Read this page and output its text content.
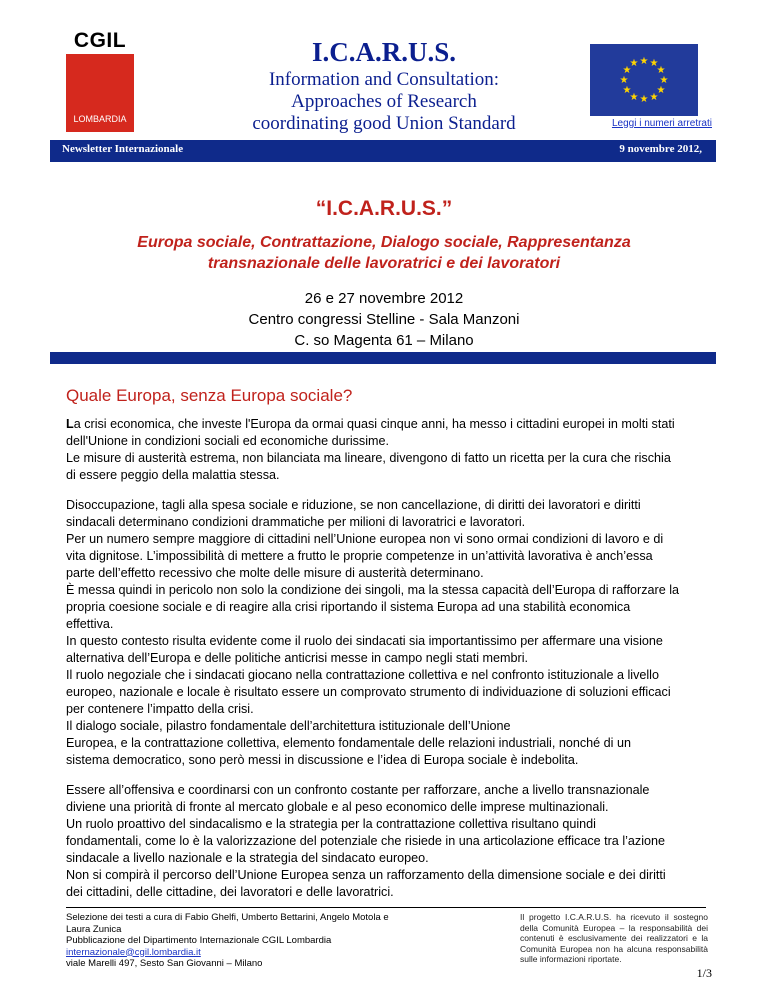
CGIL
LOMBARDIA
I.C.A.R.U.S.
Information and Consultation:
Approaches of Research
coordinating good Union Standard
★ ★
★
★
★
★
★
★
★
★
★
★
Leggi i numeri arretrati
Newsletter Internazionale	9 novembre 2012,
“I.C.A.R.U.S.”
Europa sociale, Contrattazione, Dialogo sociale, Rappresentanza
transnazionale delle lavoratrici e dei lavoratori
26 e 27 novembre 2012
Centro congressi Stelline - Sala Manzoni
C. so Magenta 61 – Milano
Quale Europa, senza Europa sociale?
La crisi economica, che investe l'Europa da ormai quasi cinque anni, ha messo i cittadini europei in molti stati
dell'Unione in condizioni sociali ed economiche durissime.
Le misure di austerità estrema, non bilanciata ma lineare, divengono di fatto un ricetta per la cura che rischia
di essere peggio della malattia stessa.
Disoccupazione, tagli alla spesa sociale e riduzione, se non cancellazione, di diritti dei lavoratori e diritti
sindacali determinano condizioni drammatiche per milioni di lavoratrici e lavoratori.
Per un numero sempre maggiore di cittadini nell’Unione europea non vi sono ormai condizioni di lavoro e di
vita dignitose. L’impossibilità di mettere a frutto le proprie competenze in un’attività lavorativa è anch’essa
parte dell’effetto recessivo che molte delle misure di austerità determinano.
È messa quindi in pericolo non solo la condizione dei singoli, ma la stessa capacità dell’Europa di rafforzare la
propria coesione sociale e di reagire alla crisi riportando il sistema Europa ad una stabilità economica
effettiva.
In questo contesto risulta evidente come il ruolo dei sindacati sia importantissimo per affermare una visione
alternativa dell’Europa e delle politiche anticrisi messe in campo negli stati membri.
Il ruolo negoziale che i sindacati giocano nella contrattazione collettiva e nel confronto istituzionale a livello
europeo, nazionale e locale è risultato essere un comprovato strumento di individuazione di soluzioni efficaci
per contenere l’impatto della crisi.
Il dialogo sociale, pilastro fondamentale dell’architettura istituzionale dell’Unione
Europea, e la contrattazione collettiva, elemento fondamentale delle relazioni industriali, nonché di un
sistema democratico, sono però messi in discussione e l’idea di Europa sociale è indebolita.
Essere all’offensiva e coordinarsi con un confronto costante per rafforzare, anche a livello transnazionale
diviene una priorità di fronte al mercato globale e al peso economico delle imprese multinazionali.
Un ruolo proattivo del sindacalismo e la strategia per la contrattazione collettiva risultano quindi
fondamentali, come lo è la valorizzazione del potenziale che risiede in una articolazione efficace tra l’azione
sindacale a livello nazionale e la strategia del sindacato europeo.
Non si compirà il percorso dell’Unione Europea senza un rafforzamento della dimensione sociale e dei diritti
dei cittadini, delle cittadine, dei lavoratori e delle lavoratrici.
Selezione dei testi a cura di Fabio Ghelfi, Umberto Bettarini, Angelo Motola e
Laura Zunica
Pubblicazione del Dipartimento Internazionale CGIL Lombardia
internazionale@cgil.lombardia.it
viale Marelli 497, Sesto San Giovanni – Milano
Il progetto I.C.A.R.U.S. ha ricevuto il sostegno della Comunità Europea – la responsabilità dei contenuti è esclusivamente dei realizzatori e la Comunità Europea non ha alcuna responsabilità sulle informazioni riportate.
1/3
